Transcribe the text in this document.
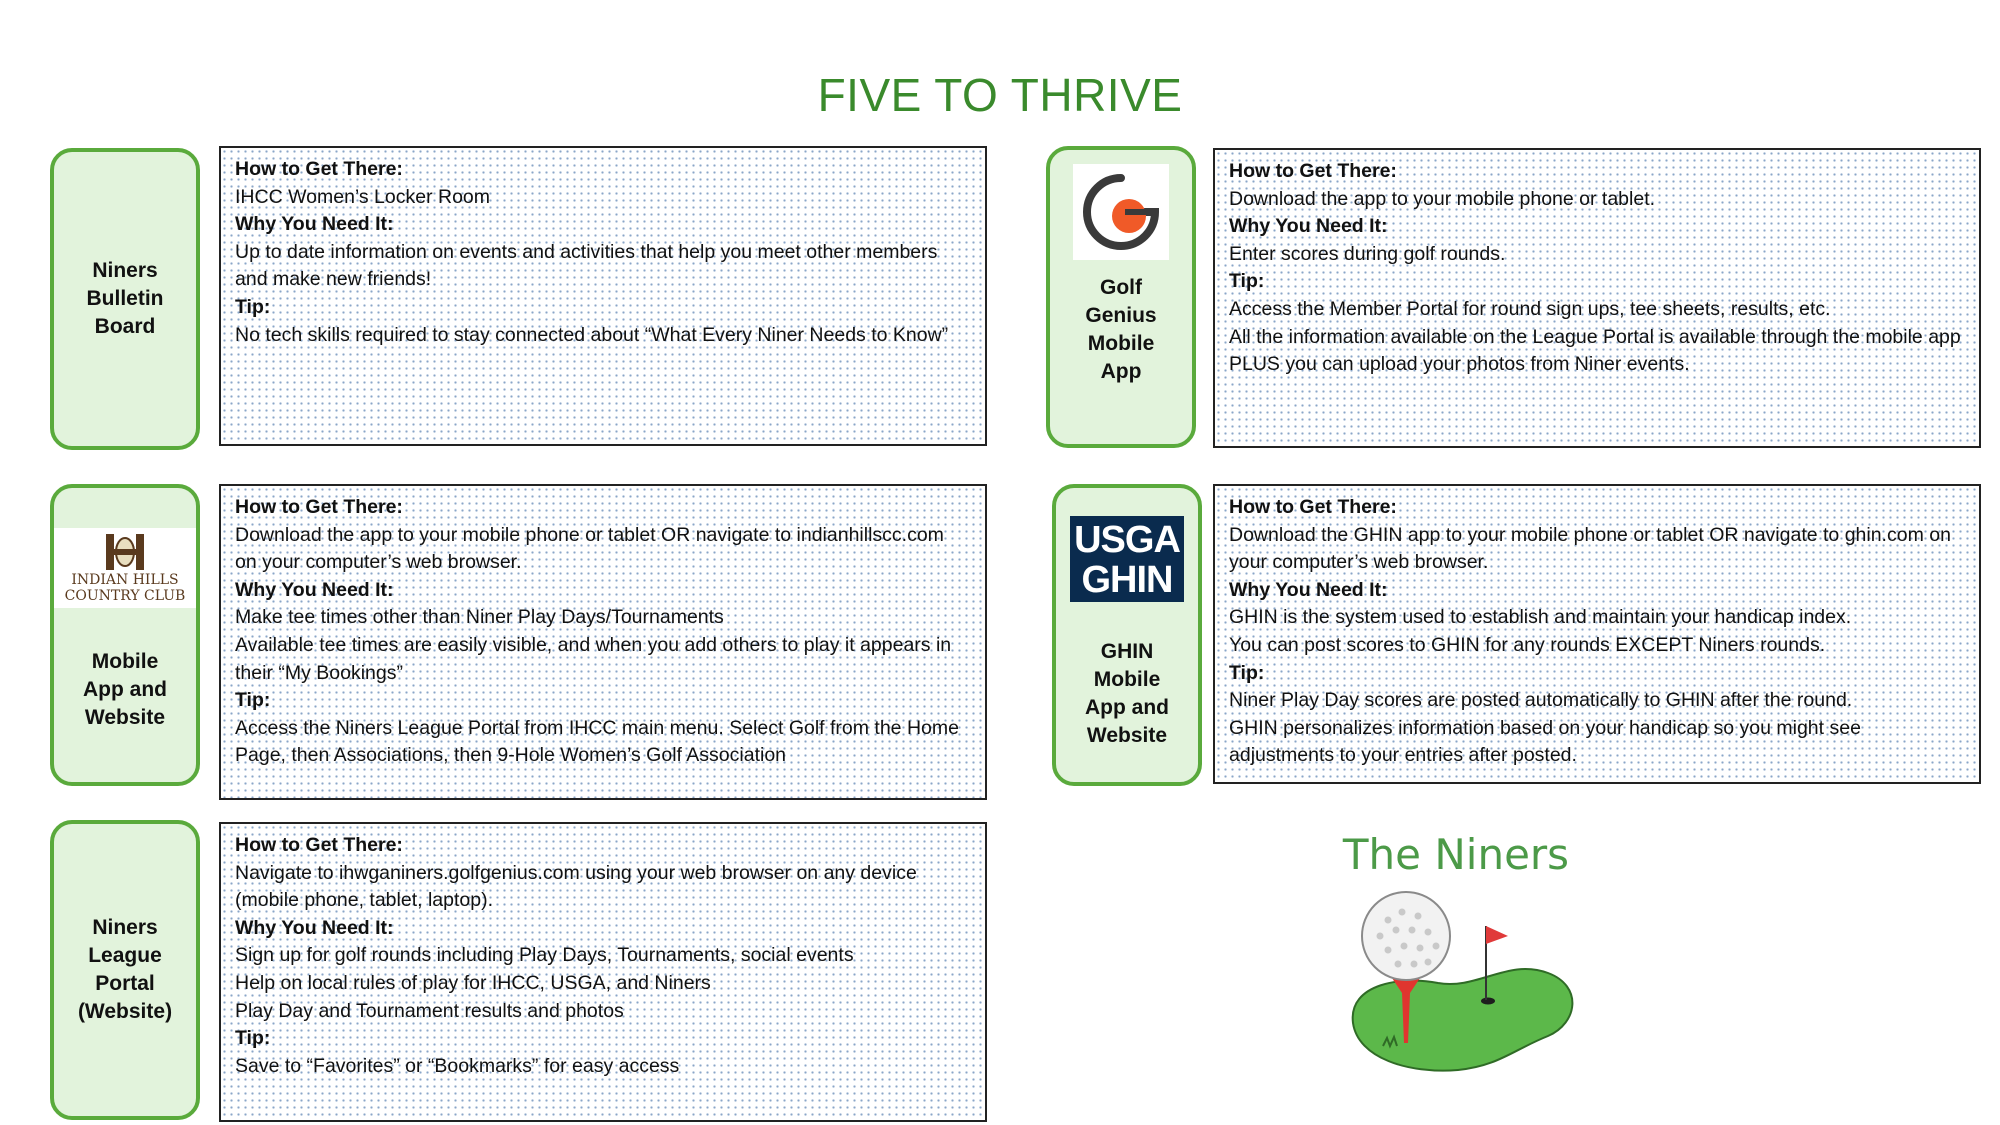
FIVE TO THRIVE
Niners
Bulletin
Board
How to Get There:
IHCC Women’s Locker Room
Why You Need It:
Up to date information on events and activities that help you meet other members and make new friends!
Tip:
No tech skills required to stay connected about “What Every Niner Needs to Know”
Golf
Genius
Mobile
App
How to Get There:
Download the app to your mobile phone or tablet.
Why You Need It:
Enter scores during golf rounds.
Tip:
Access the Member Portal for round sign ups, tee sheets, results, etc.
All the information available on the League Portal is available through the mobile app PLUS you can upload your photos from Niner events.
INDIAN HILLS
COUNTRY CLUB
Mobile
App and
Website
How to Get There:
Download the app to your mobile phone or tablet OR navigate to indianhillscc.com on your computer’s web browser.
Why You Need It:
Make tee times other than Niner Play Days/Tournaments
Available tee times are easily visible, and when you add others to play it appears in their “My Bookings”
Tip:
Access the Niners League Portal from IHCC main menu. Select Golf from the Home Page, then Associations, then 9-Hole Women’s Golf Association
USGA
GHIN
GHIN
Mobile
App and
Website
How to Get There:
Download the GHIN app to your mobile phone or tablet OR navigate to ghin.com on your computer’s web browser.
Why You Need It:
GHIN is the system used to establish and maintain your handicap index.
You can post scores to GHIN for any rounds EXCEPT Niners rounds.
Tip:
Niner Play Day scores are posted automatically to GHIN after the round.
GHIN personalizes information based on your handicap so you might see adjustments to your entries after posted.
Niners
League
Portal
(Website)
How to Get There:
Navigate to ihwganiners.golfgenius.com using your web browser on any device (mobile phone, tablet, laptop).
Why You Need It:
Sign up for golf rounds including Play Days, Tournaments, social events
Help on local rules of play for IHCC, USGA, and Niners
Play Day and Tournament results and photos
Tip:
Save to “Favorites” or “Bookmarks” for easy access
The Niners
